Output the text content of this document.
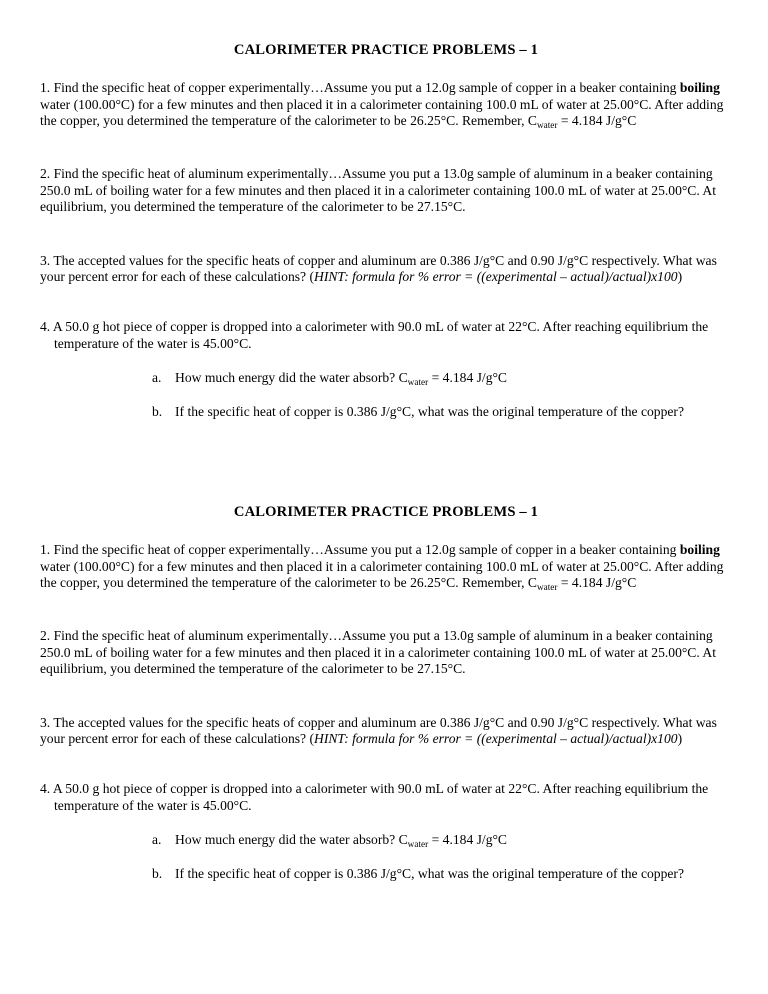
CALORIMETER PRACTICE PROBLEMS – 1

1. Find the specific heat of copper experimentally…Assume you put a 12.0g sample of copper in a beaker containing boiling water (100.00°C) for a few minutes and then placed it in a calorimeter containing 100.0 mL of water at 25.00°C. After adding the copper, you determined the temperature of the calorimeter to be 26.25°C. Remember, $C_{water} = 4.184$ J/g°C

2. Find the specific heat of aluminum experimentally…Assume you put a 13.0g sample of aluminum in a beaker containing 250.0 mL of boiling water for a few minutes and then placed it in a calorimeter containing 100.0 mL of water at 25.00°C. At equilibrium, you determined the temperature of the calorimeter to be 27.15°C.

3. The accepted values for the specific heats of copper and aluminum are 0.386 J/g°C and 0.90 J/g°C respectively. What was your percent error for each of these calculations? (HINT: formula for % error = ((experimental – actual)/actual)x100)

4. A 50.0 g hot piece of copper is dropped into a calorimeter with 90.0 mL of water at 22°C. After reaching equilibrium the temperature of the water is 45.00°C.

a. How much energy did the water absorb? $C_{water} = 4.184$ J/g°C

b. If the specific heat of copper is 0.386 J/g°C, what was the original temperature of the copper?

CALORIMETER PRACTICE PROBLEMS – 1

1. Find the specific heat of copper experimentally…Assume you put a 12.0g sample of copper in a beaker containing boiling water (100.00°C) for a few minutes and then placed it in a calorimeter containing 100.0 mL of water at 25.00°C. After adding the copper, you determined the temperature of the calorimeter to be 26.25°C. Remember, $C_{water} = 4.184$ J/g°C

2. Find the specific heat of aluminum experimentally…Assume you put a 13.0g sample of aluminum in a beaker containing 250.0 mL of boiling water for a few minutes and then placed it in a calorimeter containing 100.0 mL of water at 25.00°C. At equilibrium, you determined the temperature of the calorimeter to be 27.15°C.

3. The accepted values for the specific heats of copper and aluminum are 0.386 J/g°C and 0.90 J/g°C respectively. What was your percent error for each of these calculations? (HINT: formula for % error = ((experimental – actual)/actual)x100)

4. A 50.0 g hot piece of copper is dropped into a calorimeter with 90.0 mL of water at 22°C. After reaching equilibrium the temperature of the water is 45.00°C.

a. How much energy did the water absorb? $C_{water} = 4.184$ J/g°C

b. If the specific heat of copper is 0.386 J/g°C, what was the original temperature of the copper?
